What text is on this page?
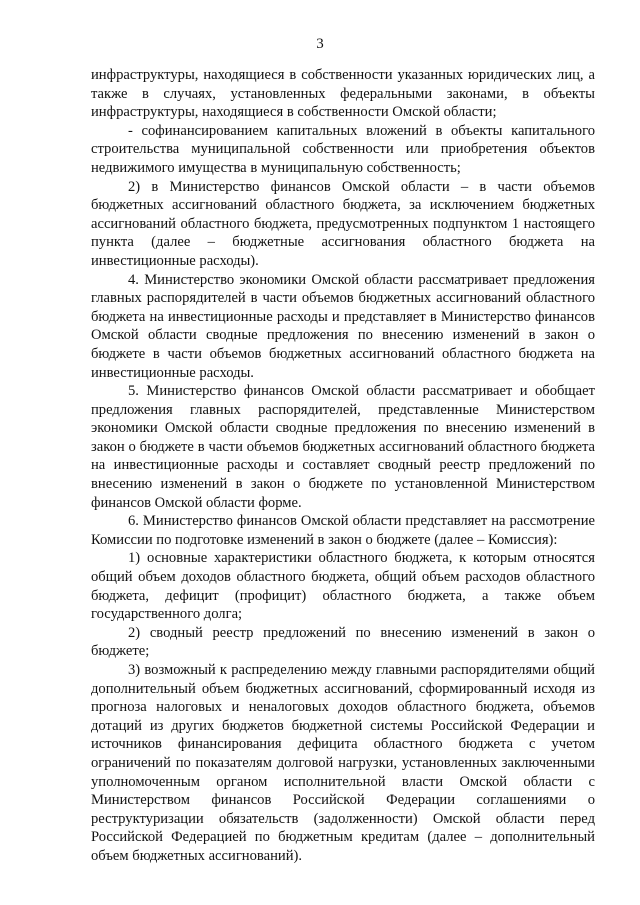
3

инфраструктуры, находящиеся в собственности указанных юридических лиц, а также в случаях, установленных федеральными законами, в объекты инфраструктуры, находящиеся в собственности Омской области;

- софинансированием капитальных вложений в объекты капитального строительства муниципальной собственности или приобретения объектов недвижимого имущества в муниципальную собственность;

2) в Министерство финансов Омской области – в части объемов бюджетных ассигнований областного бюджета, за исключением бюджетных ассигнований областного бюджета, предусмотренных подпунктом 1 настоящего пункта (далее – бюджетные ассигнования областного бюджета на инвестиционные расходы).

4. Министерство экономики Омской области рассматривает предложения главных распорядителей в части объемов бюджетных ассигнований областного бюджета на инвестиционные расходы и представляет в Министерство финансов Омской области сводные предложения по внесению изменений в закон о бюджете в части объемов бюджетных ассигнований областного бюджета на инвестиционные расходы.

5. Министерство финансов Омской области рассматривает и обобщает предложения главных распорядителей, представленные Министерством экономики Омской области сводные предложения по внесению изменений в закон о бюджете в части объемов бюджетных ассигнований областного бюджета на инвестиционные расходы и составляет сводный реестр предложений по внесению изменений в закон о бюджете по установленной Министерством финансов Омской области форме.

6. Министерство финансов Омской области представляет на рассмотрение Комиссии по подготовке изменений в закон о бюджете (далее – Комиссия):

1) основные характеристики областного бюджета, к которым относятся общий объем доходов областного бюджета, общий объем расходов областного бюджета, дефицит (профицит) областного бюджета, а также объем государственного долга;

2) сводный реестр предложений по внесению изменений в закон о бюджете;

3) возможный к распределению между главными распорядителями общий дополнительный объем бюджетных ассигнований, сформированный исходя из прогноза налоговых и неналоговых доходов областного бюджета, объемов дотаций из других бюджетов бюджетной системы Российской Федерации и источников финансирования дефицита областного бюджета с учетом ограничений по показателям долговой нагрузки, установленных заключенными уполномоченным органом исполнительной власти Омской области с Министерством финансов Российской Федерации соглашениями о реструктуризации обязательств (задолженности) Омской области перед Российской Федерацией по бюджетным кредитам (далее – дополнительный объем бюджетных ассигнований).
